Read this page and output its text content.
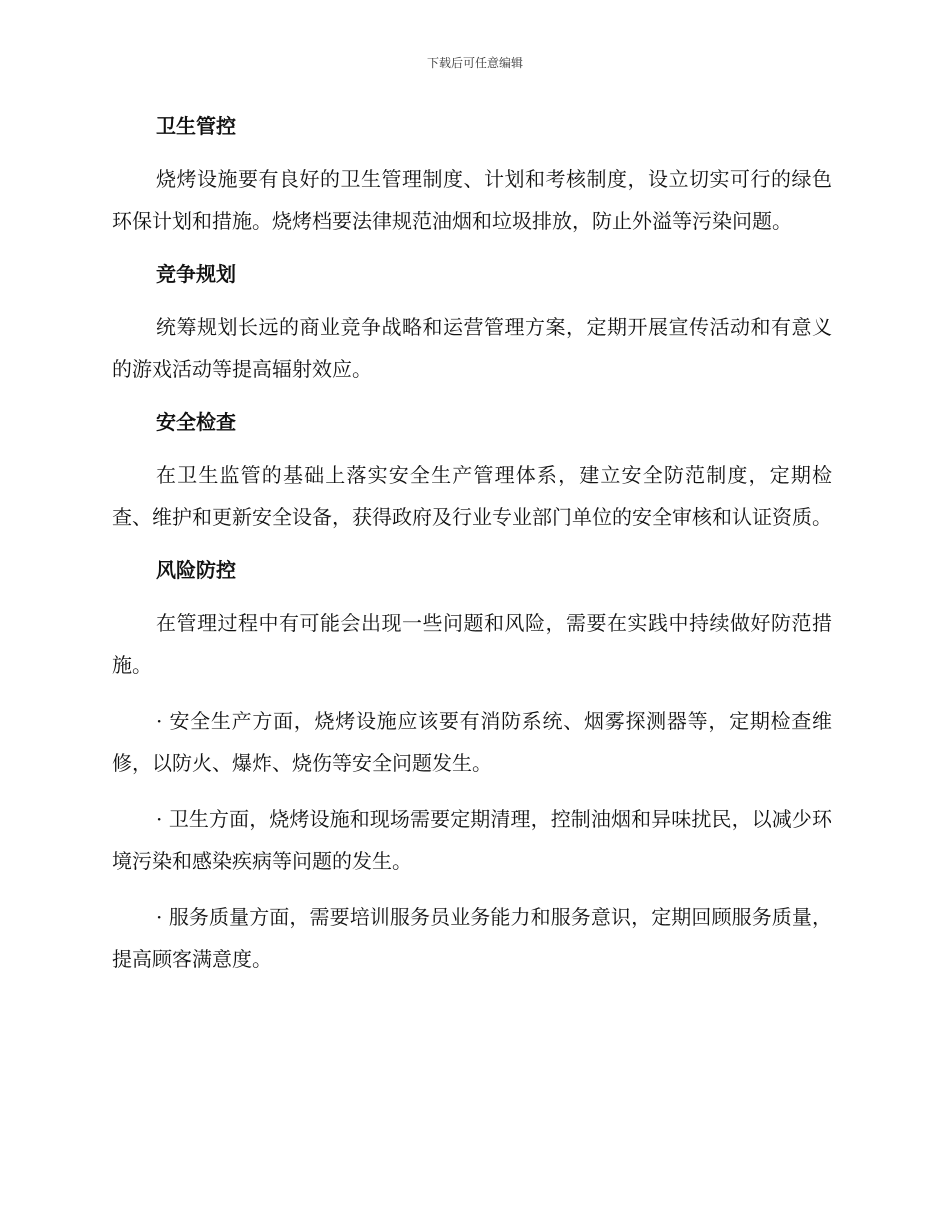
下载后可任意编辑
卫生管控

烧烤设施要有良好的卫生管理制度、计划和考核制度，设立切实可行的绿色环保计划和措施。烧烤档要法律规范油烟和垃圾排放，防止外溢等污染问题。

竞争规划

统筹规划长远的商业竞争战略和运营管理方案，定期开展宣传活动和有意义的游戏活动等提高辐射效应。

安全检查

在卫生监管的基础上落实安全生产管理体系，建立安全防范制度，定期检查、维护和更新安全设备，获得政府及行业专业部门单位的安全审核和认证资质。

风险防控

在管理过程中有可能会出现一些问题和风险，需要在实践中持续做好防范措施。

· 安全生产方面，烧烤设施应该要有消防系统、烟雾探测器等，定期检查维修，以防火、爆炸、烧伤等安全问题发生。

· 卫生方面，烧烤设施和现场需要定期清理，控制油烟和异味扰民，以减少环境污染和感染疾病等问题的发生。

· 服务质量方面，需要培训服务员业务能力和服务意识，定期回顾服务质量，提高顾客满意度。
